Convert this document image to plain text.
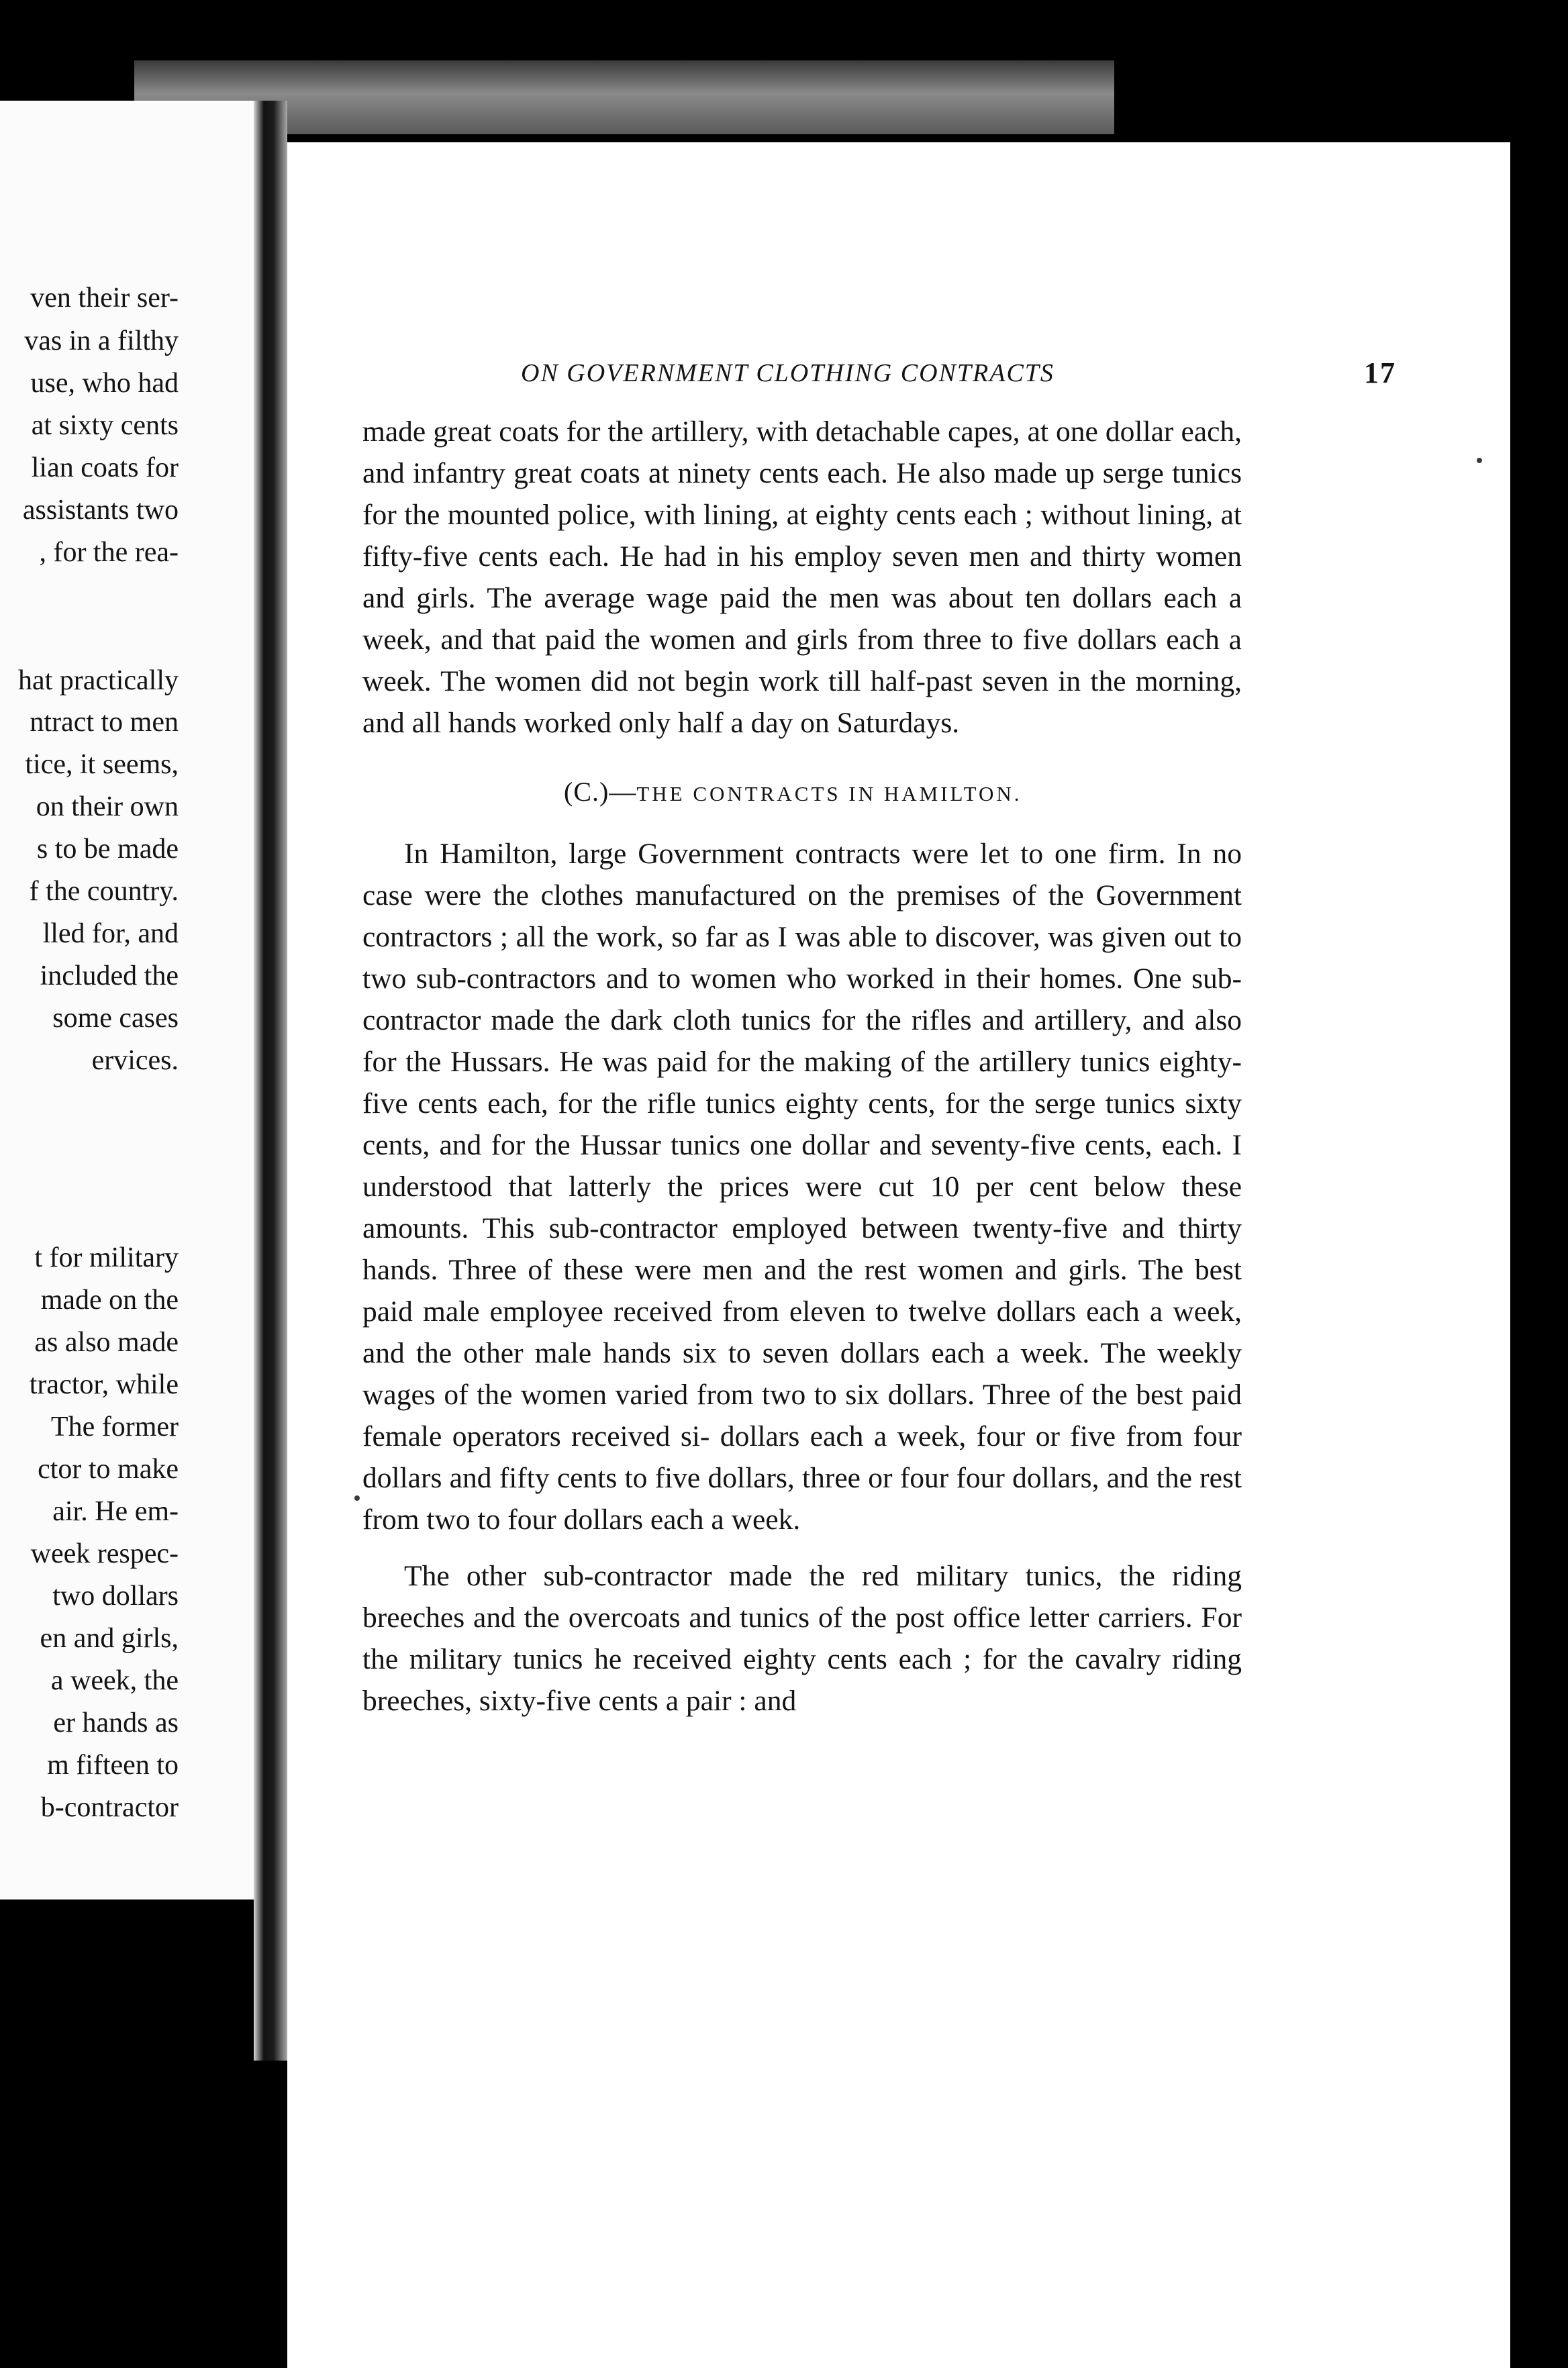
ven their ser-
vas in a filthy
use, who had
at sixty cents
lian coats for
assistants two
, for the rea-
hat practically
ntract to men
tice, it seems,
on their own
s to be made
f the country.
lled for, and
included the
some cases
ervices.
t for military
made on the
as also made
tractor, while
The former
ctor to make
air. He em-
week respec-
two dollars
en and girls,
a week, the
er hands as
m fifteen to
b-contractor
ON GOVERNMENT CLOTHING CONTRACTS	17

made great coats for the artillery, with detachable capes, at one dollar each, and infantry great coats at ninety cents each. He also made up serge tunics for the mounted police, with lining, at eighty cents each ; without lining, at fifty-five cents each. He had in his employ seven men and thirty women and girls. The average wage paid the men was about ten dollars each a week, and that paid the women and girls from three to five dollars each a week. The women did not begin work till half-past seven in the morning, and all hands worked only half a day on Saturdays.

(C.)—THE CONTRACTS IN HAMILTON.

In Hamilton, large Government contracts were let to one firm. In no case were the clothes manufactured on the premises of the Government contractors ; all the work, so far as I was able to discover, was given out to two sub-contractors and to women who worked in their homes. One sub-contractor made the dark cloth tunics for the rifles and artillery, and also for the Hussars. He was paid for the making of the artillery tunics eighty-five cents each, for the rifle tunics eighty cents, for the serge tunics sixty cents, and for the Hussar tunics one dollar and seventy-five cents, each. I understood that latterly the prices were cut 10 per cent below these amounts. This sub-contractor employed between twenty-five and thirty hands. Three of these were men and the rest women and girls. The best paid male employee received from eleven to twelve dollars each a week, and the other male hands six to seven dollars each a week. The weekly wages of the women varied from two to six dollars. Three of the best paid female operators received si- dollars each a week, four or five from four dollars and fifty cents to five dollars, three or four four dollars, and the rest from two to four dollars each a week.

The other sub-contractor made the red military tunics, the riding breeches and the overcoats and tunics of the post office letter carriers. For the military tunics he received eighty cents each ; for the cavalry riding breeches, sixty-five cents a pair : and
